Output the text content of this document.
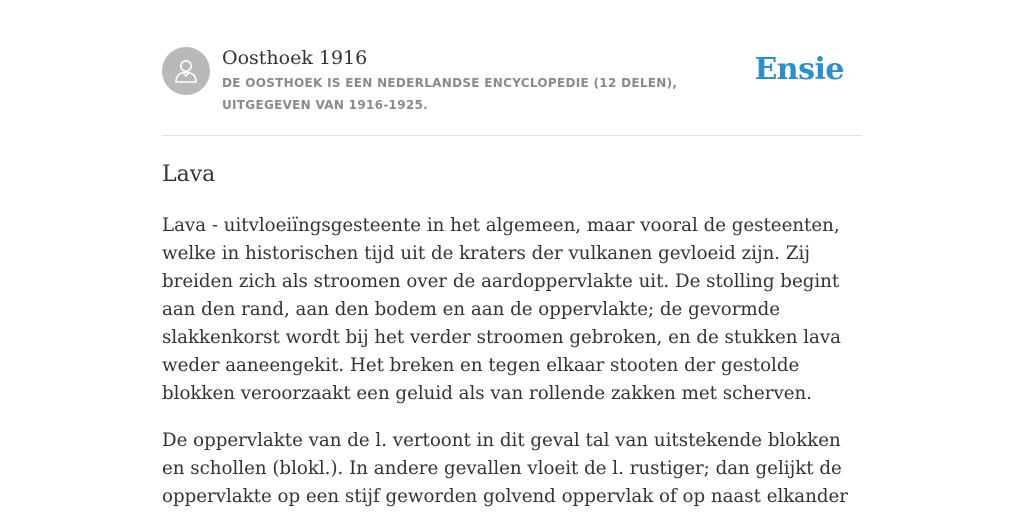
Oosthoek 1916
DE OOSTHOEK IS EEN NEDERLANDSE ENCYCLOPEDIE (12 DELEN), UITGEGEVEN VAN 1916-1925.
Ensie
Lava

Lava - uitvloeiïngsgesteente in het algemeen, maar vooral de gesteenten, welke in historischen tijd uit de kraters der vulkanen gevloeid zijn. Zij breiden zich als stroomen over de aardoppervlakte uit. De stolling begint aan den rand, aan den bodem en aan de oppervlakte; de gevormde slakkenkorst wordt bij het verder stroomen gebroken, en de stukken lava weder aaneengekit. Het breken en tegen elkaar stooten der gestolde blokken veroorzaakt een geluid als van rollende zakken met scherven.

De oppervlakte van de l. vertoont in dit geval tal van uitstekende blokken en schollen (blokl.). In andere gevallen vloeit de l. rustiger; dan gelijkt de oppervlakte op een stijf geworden golvend oppervlak of op naast elkander
